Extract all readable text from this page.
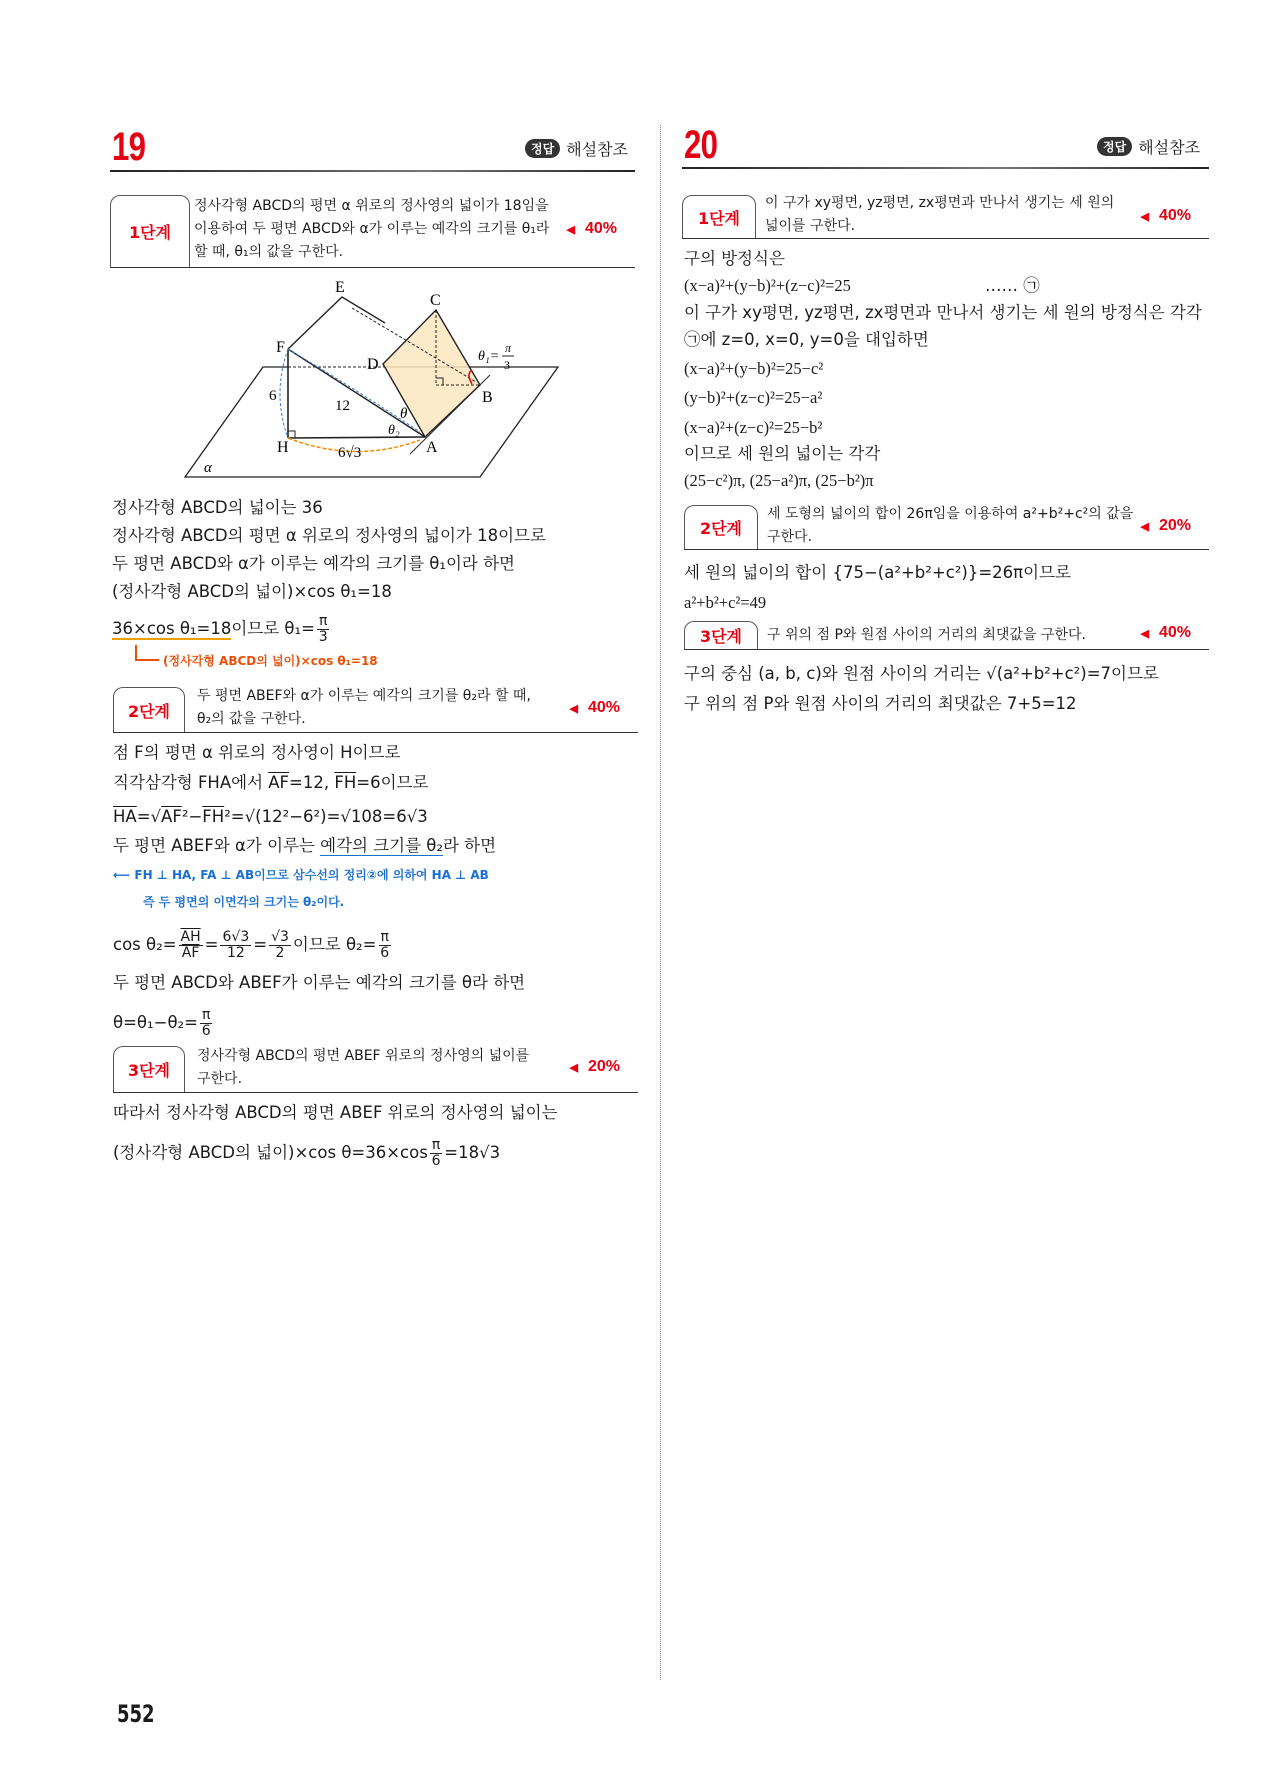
19	정답 해설참조
1단계
정사각형 ABCD의 평면 α 위로의 정사영의 넓이가 18임을
이용하여 두 평면 ABCD와 α가 이루는 예각의 크기를 θ₁라
할 때, θ₁의 값을 구한다.
◀ 40%
E
C
F
D
B
H	A
α
6
12
6√3
θ
θ₂
θ₁=
π
3
정사각형 ABCD의 넓이는 36
정사각형 ABCD의 평면 α 위로의 정사영의 넓이가 18이므로
두 평면 ABCD와 α가 이루는 예각의 크기를 θ₁이라 하면
(정사각형 ABCD의 넓이)×cos θ₁=18
36×cos θ₁=18이므로 $\theta_1= \frac{\pi}{3}$
(정사각형 ABCD의 넓이)×cos θ₁=18
2단계
두 평면 ABEF와 α가 이루는 예각의 크기를 θ₂라 할 때,
θ₂의 값을 구한다.
◀ 40%
점 F의 평면 α 위로의 정사영이 H이므로
직각삼각형 FHA에서 $\overline{AF}=12$, $\overline{FH}=6$이므로
$\overline{HA}=√AF^2-\overline{FH}^2=√(12^2-6^2)=√108=6√3$
두 평면 ABEF와 α가 이루는 예각의 크기를 θ₂라 하면
⟵ FH ⊥ HA, FA ⊥ AB이므로 삼수선의 정리②에 의하여 HA ⊥ AB
즉 두 평면의 이면각의 크기는 θ₂이다.
$\cos \theta_2= \frac{\overline{AH}}{AF} = \frac{6√3}{12} = \frac{√3}{2}$ 이므로 $\theta_2= \frac{\pi}{6}$
두 평면 ABCD와 ABEF가 이루는 예각의 크기를 θ라 하면
$\theta=\theta_1-\theta_2= \frac{\pi}{6}$
3단계
정사각형 ABCD의 평면 ABEF 위로의 정사영의 넓이를
구한다.
◀ 20%
따라서 정사각형 ABCD의 평면 ABEF 위로의 정사영의 넓이는
(정사각형 ABCD의 넓이)×cos $\theta=36\times\cos \frac{\pi}{6} =18√3$
20	정답 해설참조
1단계
이 구가 xy평면, yz평면, zx평면과 만나서 생기는 세 원의
넓이를 구한다.
◀ 40%
구의 방정식은
(x−a)²+(y−b)²+(z−c)²=25	…… ㉠
이 구가 xy평면, yz평면, zx평면과 만나서 생기는 세 원의 방정식은 각각
㉠에 z=0, x=0, y=0을 대입하면
(x−a)²+(y−b)²=25−c²
(y−b)²+(z−c)²=25−a²
(x−a)²+(z−c)²=25−b²
이므로 세 원의 넓이는 각각
(25−c²)π, (25−a²)π, (25−b²)π
2단계
세 도형의 넓이의 합이 26π임을 이용하여 a²+b²+c²의 값을
구한다.
◀ 20%
세 원의 넓이의 합이 {75−(a²+b²+c²)}=26π이므로
a²+b²+c²=49
3단계	구 위의 점 P와 원점 사이의 거리의 최댓값을 구한다.	◀ 40%
구의 중심 (a, b, c)와 원점 사이의 거리는 √(a²+b²+c²)=7이므로
구 위의 점 P와 원점 사이의 거리의 최댓값은 7+5=12
552
